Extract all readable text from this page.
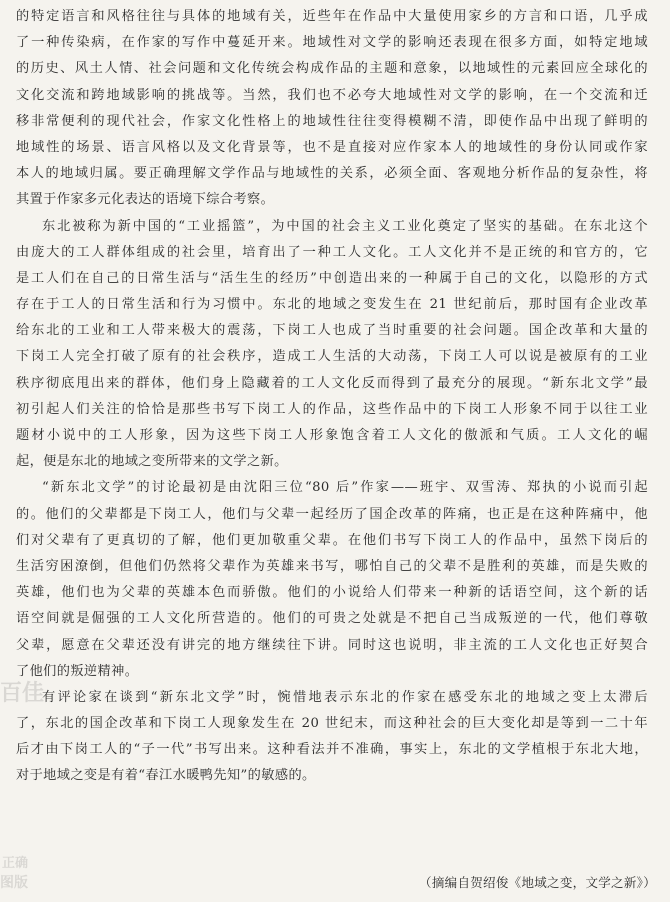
的特定语言和风格往往与具体的地域有关，近些年在作品中大量使用家乡的方言和口语，几乎成
了一种传染病，在作家的写作中蔓延开来。地域性对文学的影响还表现在很多方面，如特定地域
的历史、风土人情、社会问题和文化传统会构成作品的主题和意象，以地域性的元素回应全球化的
文化交流和跨地域影响的挑战等。当然，我们也不必夸大地域性对文学的影响，在一个交流和迁
移非常便利的现代社会，作家文化性格上的地域性往往变得模糊不清，即使作品中出现了鲜明的
地域性的场景、语言风格以及文化背景等，也不是直接对应作家本人的地域性的身份认同或作家
本人的地域归属。要正确理解文学作品与地域性的关系，必须全面、客观地分析作品的复杂性，将
其置于作家多元化表达的语境下综合考察。
东北被称为新中国的“工业摇篮”，为中国的社会主义工业化奠定了坚实的基础。在东北这个
由庞大的工人群体组成的社会里，培育出了一种工人文化。工人文化并不是正统的和官方的，它
是工人们在自己的日常生活与“活生生的经历”中创造出来的一种属于自己的文化，以隐形的方式
存在于工人的日常生活和行为习惯中。东北的地域之变发生在 21 世纪前后，那时国有企业改革
给东北的工业和工人带来极大的震荡，下岗工人也成了当时重要的社会问题。国企改革和大量的
下岗工人完全打破了原有的社会秩序，造成工人生活的大动荡，下岗工人可以说是被原有的工业
秩序彻底甩出来的群体，他们身上隐藏着的工人文化反而得到了最充分的展现。“新东北文学”最
初引起人们关注的恰恰是那些书写下岗工人的作品，这些作品中的下岗工人形象不同于以往工业
题材小说中的工人形象，因为这些下岗工人形象饱含着工人文化的傲派和气质。工人文化的崛
起，便是东北的地域之变所带来的文学之新。
“新东北文学”的讨论最初是由沈阳三位“80 后”作家——班宇、双雪涛、郑执的小说而引起
的。他们的父辈都是下岗工人，他们与父辈一起经历了国企改革的阵痛，也正是在这种阵痛中，他
们对父辈有了更真切的了解，他们更加敬重父辈。在他们书写下岗工人的作品中，虽然下岗后的
生活穷困潦倒，但他们仍然将父辈作为英雄来书写，哪怕自己的父辈不是胜利的英雄，而是失败的
英雄，他们也为父辈的英雄本色而骄傲。他们的小说给人们带来一种新的话语空间，这个新的话
语空间就是倔强的工人文化所营造的。他们的可贵之处就是不把自己当成叛逆的一代，他们尊敬
父辈，愿意在父辈还没有讲完的地方继续往下讲。同时这也说明，非主流的工人文化也正好契合
了他们的叛逆精神。
有评论家在谈到“新东北文学”时，惋惜地表示东北的作家在感受东北的地域之变上太滞后
了，东北的国企改革和下岗工人现象发生在 20 世纪末，而这种社会的巨大变化却是等到一二十年
后才由下岗工人的“子一代”书写出来。这种看法并不准确，事实上，东北的文学植根于东北大地，
对于地域之变是有着“春江水暖鸭先知”的敏感的。
（摘编自贺绍俊《地域之变，文学之新》）
百佳
正确
图版
